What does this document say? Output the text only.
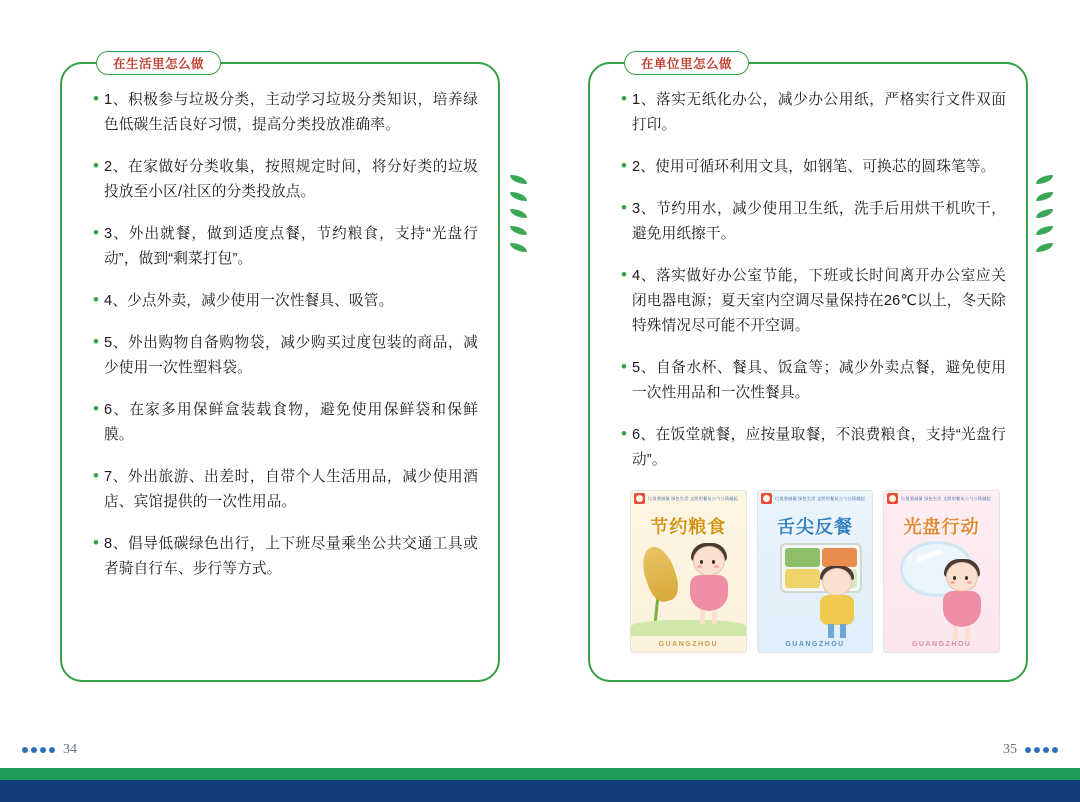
在生活里怎么做
• 1、积极参与垃圾分类，主动学习垃圾分类知识，培养绿色低碳生活良好习惯，提高分类投放准确率。
• 2、在家做好分类收集，按照规定时间，将分好类的垃圾投放至小区/社区的分类投放点。
• 3、外出就餐，做到适度点餐，节约粮食，支持“光盘行动”，做到“剩菜打包”。
• 4、少点外卖，减少使用一次性餐具、吸管。
• 5、外出购物自备购物袋，减少购买过度包装的商品，减少使用一次性塑料袋。
• 6、在家多用保鲜盒装载食物，避免使用保鲜袋和保鲜膜。
• 7、外出旅游、出差时，自带个人生活用品，减少使用酒店、宾馆提供的一次性用品。
• 8、倡导低碳绿色出行，上下班尽量乘坐公共交通工具或者骑自行车、步行等方式。
34
在单位里怎么做
• 1、落实无纸化办公，减少办公用纸，严格实行文件双面打印。
• 2、使用可循环利用文具，如钢笔、可换芯的圆珠笔等。
• 3、节约用水，减少使用卫生纸，洗手后用烘干机吹干，避免用纸擦干。
• 4、落实做好办公室节能，下班或长时间离开办公室应关闭电器电源；夏天室内空调尽量保持在26℃以上，冬天除特殊情况尽可能不开空调。
• 5、自备水杯、餐具、饭盒等；减少外卖点餐，避免使用一次性用品和一次性餐具。
• 6、在饭堂就餐，应按量取餐，不浪费粮食，支持“光盘行动”。
垃圾要减量 绿色生活 文明用餐从公勺公筷做起
节约粮食
GUANGZHOU
垃圾要减量 绿色生活 文明用餐从公勺公筷做起
舌尖反餐
GUANGZHOU
垃圾要减量 绿色生活 文明用餐从公勺公筷做起
光盘行动
GUANGZHOU
35
